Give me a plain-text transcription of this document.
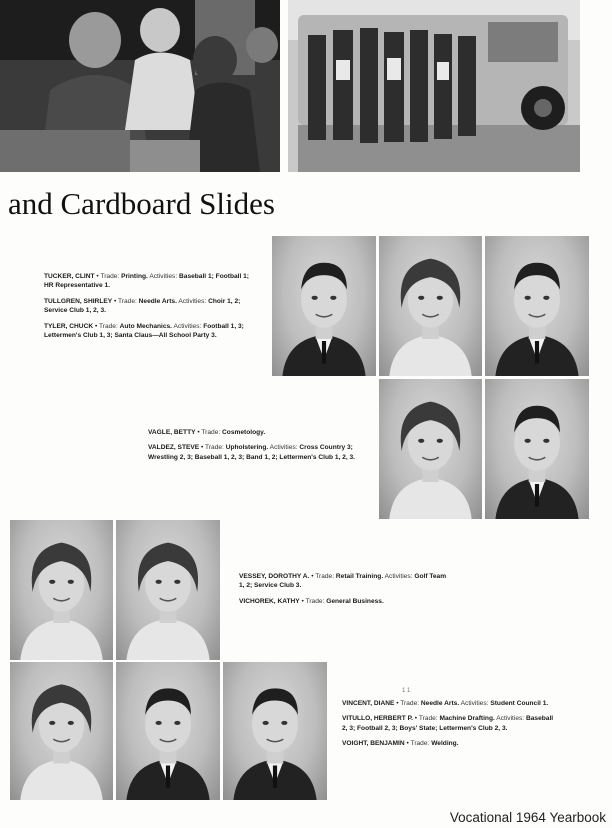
and Cardboard Slides

TUCKER, CLINT • Trade: Printing. Activities: Baseball 1; Football 1; HR Representative 1.

TULLGREN, SHIRLEY • Trade: Needle Arts. Activities: Choir 1, 2; Service Club 1, 2, 3.

TYLER, CHUCK • Trade: Auto Mechanics. Activities: Football 1, 3; Lettermen's Club 1, 3; Santa Claus—All School Party 3.

VAGLE, BETTY • Trade: Cosmetology.

VALDEZ, STEVE • Trade: Upholstering. Activities: Cross Country 3; Wrestling 2, 3; Baseball 1, 2, 3; Band 1, 2; Lettermen's Club 1, 2, 3.

VESSEY, DOROTHY A. • Trade: Retail Training. Activities: Golf Team 1, 2; Service Club 3.

VICHOREK, KATHY • Trade: General Business.

VINCENT, DIANE • Trade: Needle Arts. Activities: Student Council 1.

VITULLO, HERBERT P. • Trade: Machine Drafting. Activities: Baseball 2, 3; Football 2, 3; Boys' State; Lettermen's Club 2, 3.

VOIGHT, BENJAMIN • Trade: Welding.

1 1
Vocational 1964 Yearbook
